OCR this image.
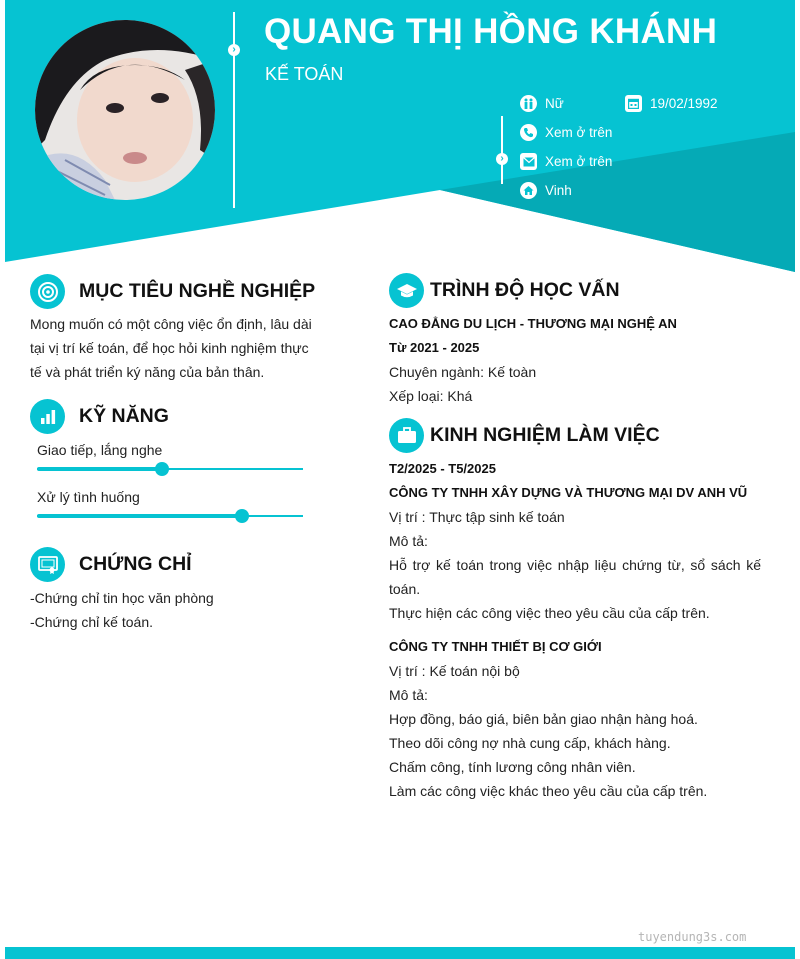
› QUANG THỊ HỒNG KHÁNH
KẾ TOÁN
›
Nữ	19/02/1992
Xem ở trên
Xem ở trên
Vinh
MỤC TIÊU NGHỀ NGHIỆP
Mong muốn có một công việc ổn định, lâu dài
tại vị trí kế toán, để học hỏi kinh nghiệm thực
tế và phát triển ký năng của bản thân.
KỸ NĂNG
Giao tiếp, lắng nghe
Xử lý tình huống
CHỨNG CHỈ
-Chứng chỉ tin học văn phòng
-Chứng chỉ kế toán.
TRÌNH ĐỘ HỌC VẤN
CAO ĐẲNG DU LỊCH - THƯƠNG MẠI NGHỆ AN
Từ 2021 - 2025
Chuyên ngành: Kế toàn
Xếp loại: Khá
KINH NGHIỆM LÀM VIỆC
T2/2025 - T5/2025
CÔNG TY TNHH XÂY DỰNG VÀ THƯƠNG MẠI DV ANH VŨ
Vị trí : Thực tập sinh kế toán
Mô tả:
Hỗ trợ kế toán trong việc nhập liệu chứng từ, sổ sách kế
toán.
Thực hiện các công việc theo yêu cầu của cấp trên.
CÔNG TY TNHH THIẾT BỊ CƠ GIỚI
Vị trí : Kế toán nội bộ
Mô tả:
Hợp đồng, báo giá, biên bản giao nhận hàng hoá.
Theo dõi công nợ nhà cung cấp, khách hàng.
Chấm công, tính lương công nhân viên.
Làm các công việc khác theo yêu cầu của cấp trên.
tuyendung3s.com
